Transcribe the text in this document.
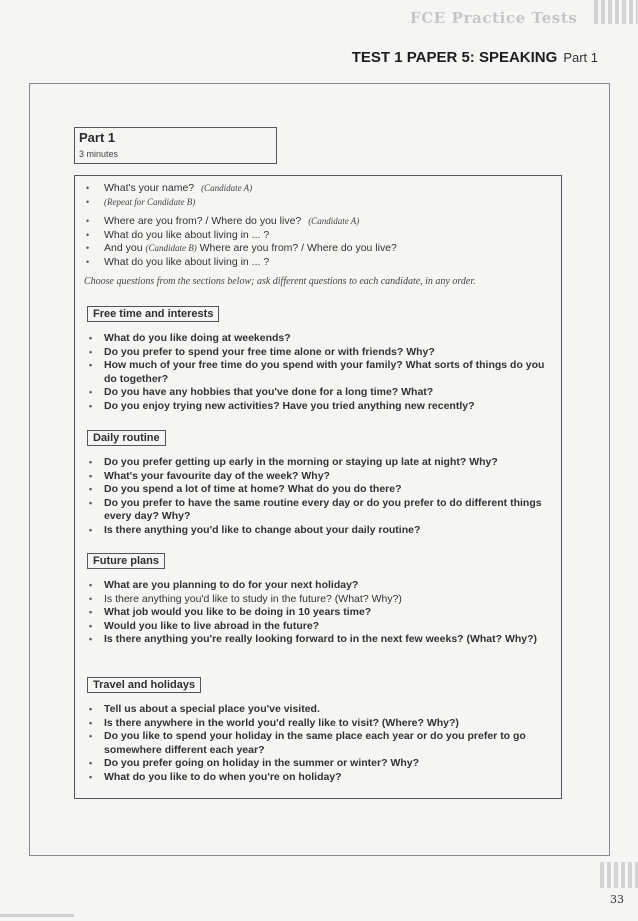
FCE Practice Tests
TEST 1 PAPER 5: SPEAKING Part 1
Part 1
3 minutes
• What's your name? (Candidate A)
• (Repeat for Candidate B)
• Where are you from? / Where do you live? (Candidate A)
• What do you like about living in ... ?
• And you (Candidate B) Where are you from? / Where do you live?
• What do you like about living in ... ?
Choose questions from the sections below; ask different questions to each candidate, in any order.
Free time and interests
• What do you like doing at weekends?
• Do you prefer to spend your free time alone or with friends? Why?
• How much of your free time do you spend with your family? What sorts of things do you do together?
• Do you have any hobbies that you've done for a long time? What?
• Do you enjoy trying new activities? Have you tried anything new recently?
Daily routine
• Do you prefer getting up early in the morning or staying up late at night? Why?
• What's your favourite day of the week? Why?
• Do you spend a lot of time at home? What do you do there?
• Do you prefer to have the same routine every day or do you prefer to do different things every day? Why?
• Is there anything you'd like to change about your daily routine?
Future plans
• What are you planning to do for your next holiday?
• Is there anything you'd like to study in the future? (What? Why?)
• What job would you like to be doing in 10 years time?
• Would you like to live abroad in the future?
• Is there anything you're really looking forward to in the next few weeks? (What? Why?)
Travel and holidays
• Tell us about a special place you've visited.
• Is there anywhere in the world you'd really like to visit? (Where? Why?)
• Do you like to spend your holiday in the same place each year or do you prefer to go somewhere different each year?
• Do you prefer going on holiday in the summer or winter? Why?
• What do you like to do when you're on holiday?
33
